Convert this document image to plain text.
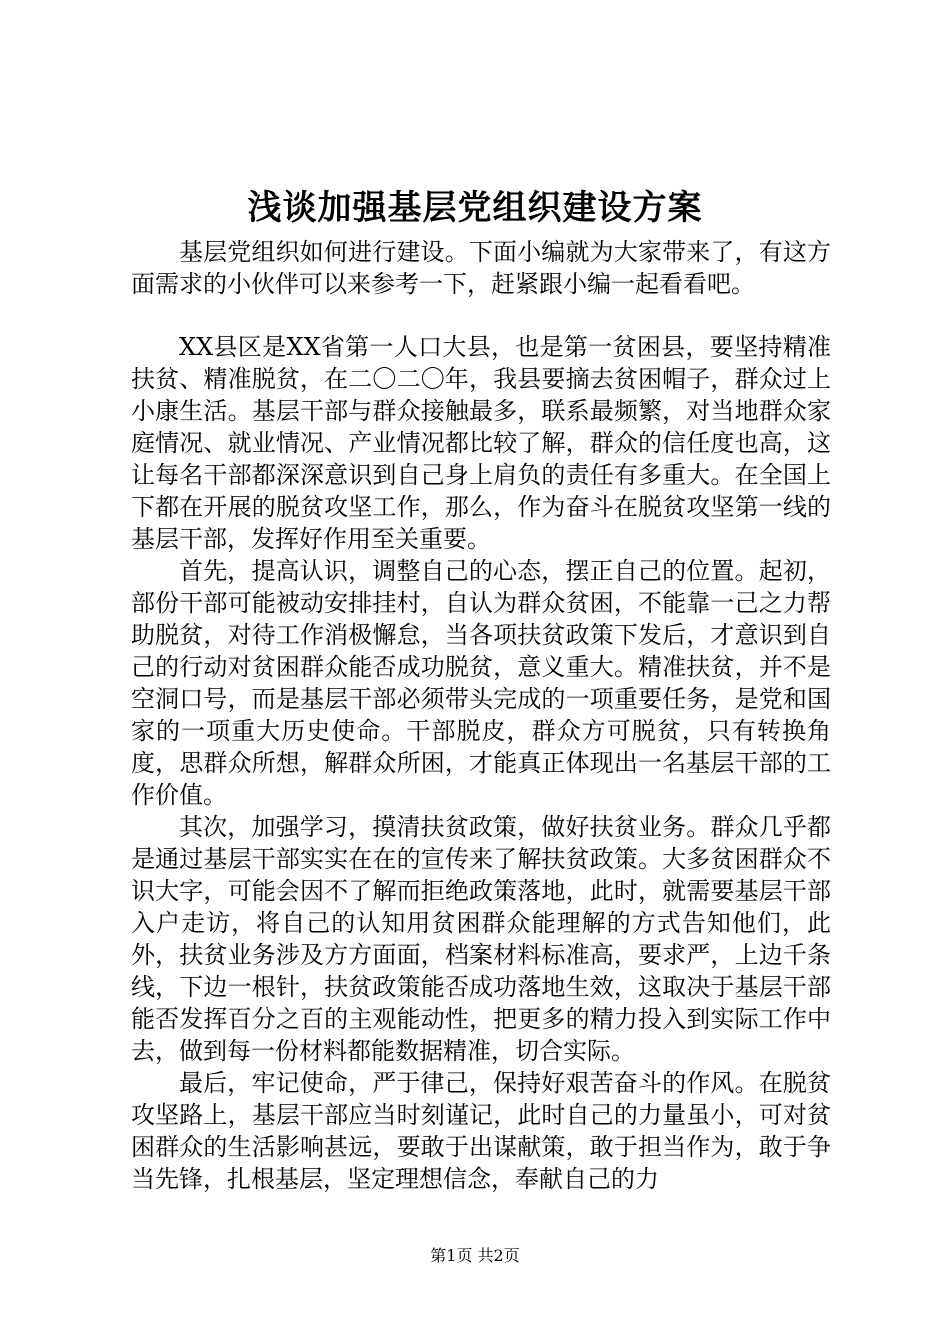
浅谈加强基层党组织建设方案

基层党组织如何进行建设。下面小编就为大家带来了，有这方面需求的小伙伴可以来参考一下，赶紧跟小编一起看看吧。

XX县区是XX省第一人口大县，也是第一贫困县，要坚持精准扶贫、精准脱贫，在二〇二〇年，我县要摘去贫困帽子，群众过上小康生活。基层干部与群众接触最多，联系最频繁，对当地群众家庭情况、就业情况、产业情况都比较了解，群众的信任度也高，这让每名干部都深深意识到自己身上肩负的责任有多重大。在全国上下都在开展的脱贫攻坚工作，那么，作为奋斗在脱贫攻坚第一线的基层干部，发挥好作用至关重要。

首先，提高认识，调整自己的心态，摆正自己的位置。起初，部份干部可能被动安排挂村，自认为群众贫困，不能靠一己之力帮助脱贫，对待工作消极懈怠，当各项扶贫政策下发后，才意识到自己的行动对贫困群众能否成功脱贫，意义重大。精准扶贫，并不是空洞口号，而是基层干部必须带头完成的一项重要任务，是党和国家的一项重大历史使命。干部脱皮，群众方可脱贫，只有转换角度，思群众所想，解群众所困，才能真正体现出一名基层干部的工作价值。

其次，加强学习，摸清扶贫政策，做好扶贫业务。群众几乎都是通过基层干部实实在在的宣传来了解扶贫政策。大多贫困群众不识大字，可能会因不了解而拒绝政策落地，此时，就需要基层干部入户走访，将自己的认知用贫困群众能理解的方式告知他们，此外，扶贫业务涉及方方面面，档案材料标准高，要求严，上边千条线，下边一根针，扶贫政策能否成功落地生效，这取决于基层干部能否发挥百分之百的主观能动性，把更多的精力投入到实际工作中去，做到每一份材料都能数据精准，切合实际。

最后，牢记使命，严于律己，保持好艰苦奋斗的作风。在脱贫攻坚路上，基层干部应当时刻谨记，此时自己的力量虽小，可对贫困群众的生活影响甚远，要敢于出谋献策，敢于担当作为，敢于争当先锋，扎根基层，坚定理想信念，奉献自己的力

第1页 共2页
